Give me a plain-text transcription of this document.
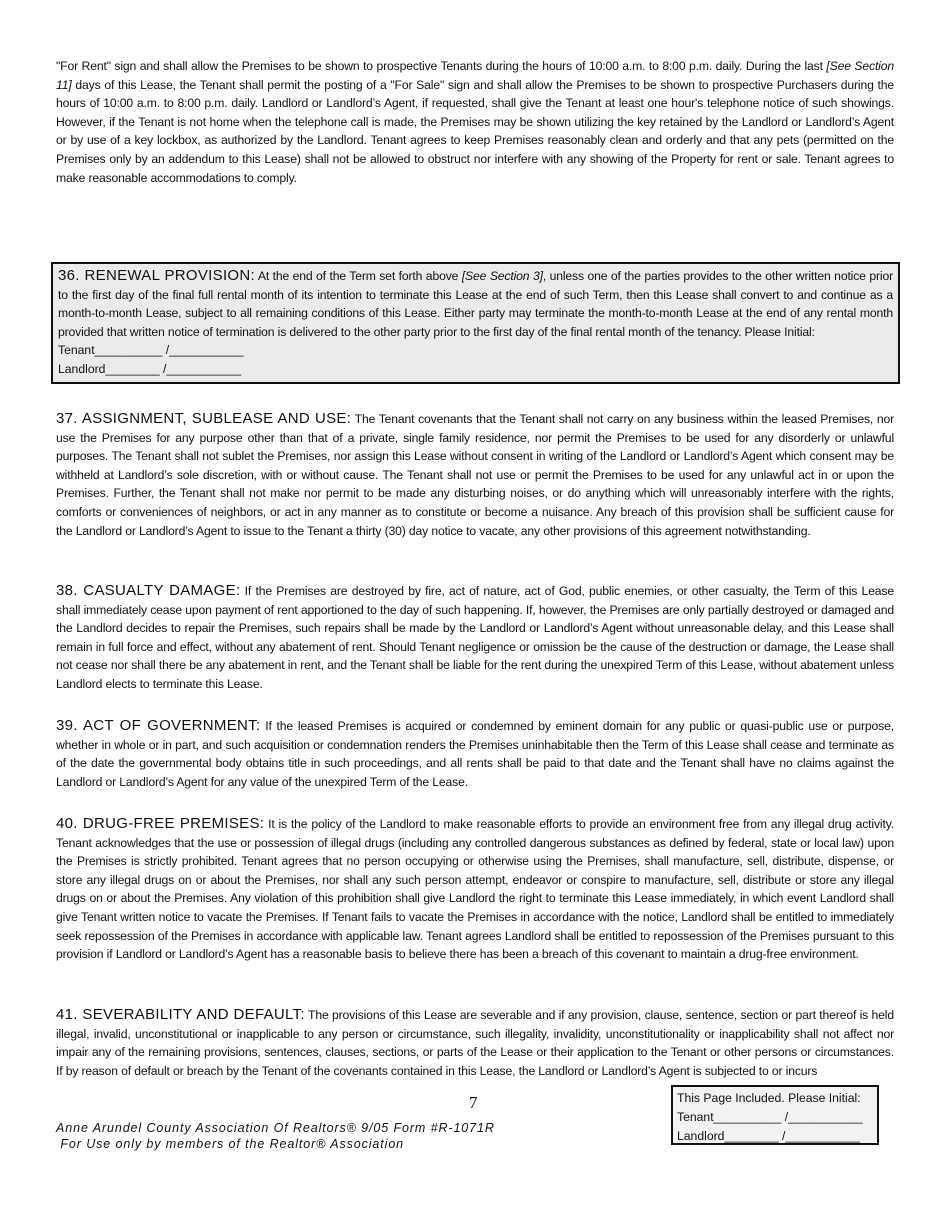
"For Rent" sign and shall allow the Premises to be shown to prospective Tenants during the hours of 10:00 a.m. to 8:00 p.m. daily. During the last [See Section 11] days of this Lease, the Tenant shall permit the posting of a "For Sale" sign and shall allow the Premises to be shown to prospective Purchasers during the hours of 10:00 a.m. to 8:00 p.m. daily. Landlord or Landlord’s Agent, if requested, shall give the Tenant at least one hour's telephone notice of such showings. However, if the Tenant is not home when the telephone call is made, the Premises may be shown utilizing the key retained by the Landlord or Landlord’s Agent or by use of a key lockbox, as authorized by the Landlord. Tenant agrees to keep Premises reasonably clean and orderly and that any pets (permitted on the Premises only by an addendum to this Lease) shall not be allowed to obstruct nor interfere with any showing of the Property for rent or sale. Tenant agrees to make reasonable accommodations to comply.
36. RENEWAL PROVISION: At the end of the Term set forth above [See Section 3], unless one of the parties provides to the other written notice prior to the first day of the final full rental month of its intention to terminate this Lease at the end of such Term, then this Lease shall convert to and continue as a month-to-month Lease, subject to all remaining conditions of this Lease. Either party may terminate the month-to-month Lease at the end of any rental month provided that written notice of termination is delivered to the other party prior to the first day of the final rental month of the tenancy. Please Initial:
Tenant__________ /___________
Landlord________ /___________
37. ASSIGNMENT, SUBLEASE AND USE: The Tenant covenants that the Tenant shall not carry on any business within the leased Premises, nor use the Premises for any purpose other than that of a private, single family residence, nor permit the Premises to be used for any disorderly or unlawful purposes. The Tenant shall not sublet the Premises, nor assign this Lease without consent in writing of the Landlord or Landlord’s Agent which consent may be withheld at Landlord’s sole discretion, with or without cause. The Tenant shall not use or permit the Premises to be used for any unlawful act in or upon the Premises. Further, the Tenant shall not make nor permit to be made any disturbing noises, or do anything which will unreasonably interfere with the rights, comforts or conveniences of neighbors, or act in any manner as to constitute or become a nuisance. Any breach of this provision shall be sufficient cause for the Landlord or Landlord’s Agent to issue to the Tenant a thirty (30) day notice to vacate, any other provisions of this agreement notwithstanding.
38. CASUALTY DAMAGE: If the Premises are destroyed by fire, act of nature, act of God, public enemies, or other casualty, the Term of this Lease shall immediately cease upon payment of rent apportioned to the day of such happening. If, however, the Premises are only partially destroyed or damaged and the Landlord decides to repair the Premises, such repairs shall be made by the Landlord or Landlord’s Agent without unreasonable delay, and this Lease shall remain in full force and effect, without any abatement of rent. Should Tenant negligence or omission be the cause of the destruction or damage, the Lease shall not cease nor shall there be any abatement in rent, and the Tenant shall be liable for the rent during the unexpired Term of this Lease, without abatement unless Landlord elects to terminate this Lease.
39. ACT OF GOVERNMENT: If the leased Premises is acquired or condemned by eminent domain for any public or quasi-public use or purpose, whether in whole or in part, and such acquisition or condemnation renders the Premises uninhabitable then the Term of this Lease shall cease and terminate as of the date the governmental body obtains title in such proceedings, and all rents shall be paid to that date and the Tenant shall have no claims against the Landlord or Landlord’s Agent for any value of the unexpired Term of the Lease.
40. DRUG-FREE PREMISES: It is the policy of the Landlord to make reasonable efforts to provide an environment free from any illegal drug activity. Tenant acknowledges that the use or possession of illegal drugs (including any controlled dangerous substances as defined by federal, state or local law) upon the Premises is strictly prohibited. Tenant agrees that no person occupying or otherwise using the Premises, shall manufacture, sell, distribute, dispense, or store any illegal drugs on or about the Premises, nor shall any such person attempt, endeavor or conspire to manufacture, sell, distribute or store any illegal drugs on or about the Premises. Any violation of this prohibition shall give Landlord the right to terminate this Lease immediately, in which event Landlord shall give Tenant written notice to vacate the Premises. If Tenant fails to vacate the Premises in accordance with the notice, Landlord shall be entitled to immediately seek repossession of the Premises in accordance with applicable law. Tenant agrees Landlord shall be entitled to repossession of the Premises pursuant to this provision if Landlord or Landlord’s Agent has a reasonable basis to believe there has been a breach of this covenant to maintain a drug-free environment.
41. SEVERABILITY AND DEFAULT: The provisions of this Lease are severable and if any provision, clause, sentence, section or part thereof is held illegal, invalid, unconstitutional or inapplicable to any person or circumstance, such illegality, invalidity, unconstitutionality or inapplicability shall not affect nor impair any of the remaining provisions, sentences, clauses, sections, or parts of the Lease or their application to the Tenant or other persons or circumstances. If by reason of default or breach by the Tenant of the covenants contained in this Lease, the Landlord or Landlord’s Agent is subjected to or incurs
7
Anne Arundel County Association Of Realtors® 9/05 Form #R-1071R
For Use only by members of the Realtor® Association
This Page Included. Please Initial:
Tenant__________ /___________
Landlord________ /___________
